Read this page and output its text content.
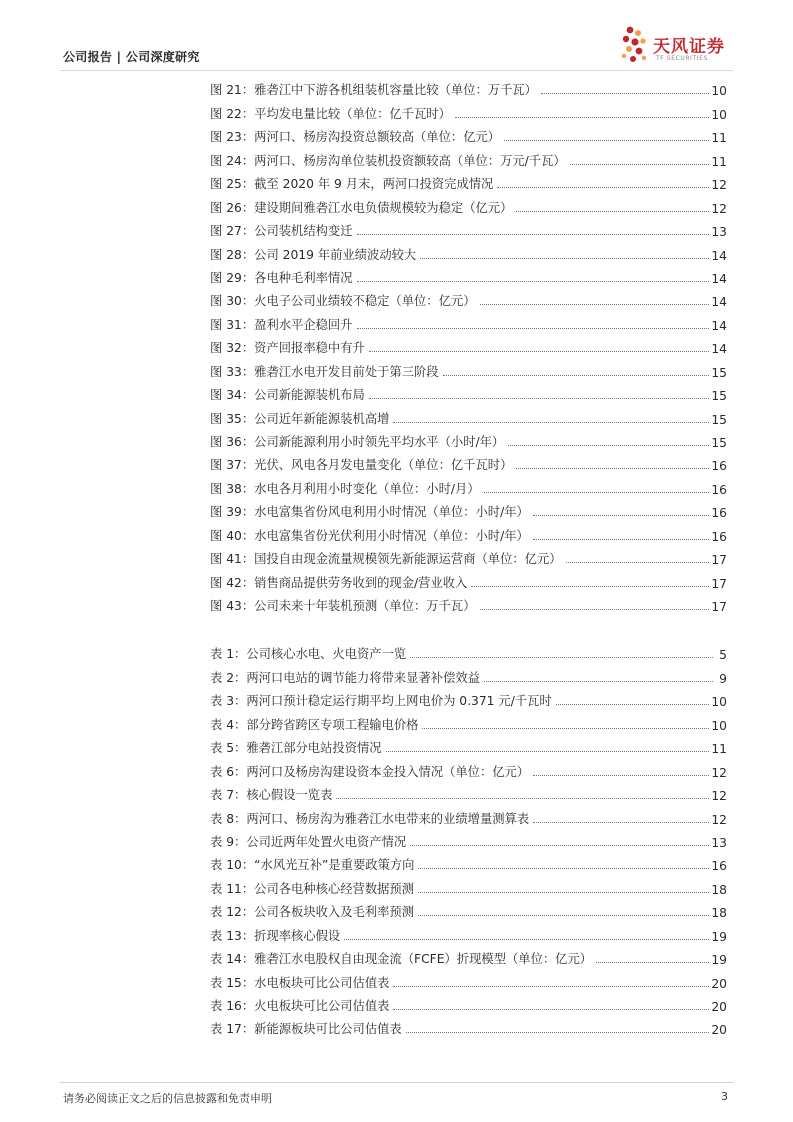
公司报告 | 公司深度研究	天风证券
TF SECURITIES
图 21：雅砻江中下游各机组装机容量比较（单位：万千瓦）	10
图 22：平均发电量比较（单位：亿千瓦时）	10
图 23：两河口、杨房沟投资总额较高（单位：亿元）	11
图 24：两河口、杨房沟单位装机投资额较高（单位：万元/千瓦）	11
图 25：截至 2020 年 9 月末，两河口投资完成情况	12
图 26：建设期间雅砻江水电负债规模较为稳定（亿元）	12
图 27：公司装机结构变迁	13
图 28：公司 2019 年前业绩波动较大	14
图 29：各电种毛利率情况	14
图 30：火电子公司业绩较不稳定（单位：亿元）	14
图 31：盈利水平企稳回升	14
图 32：资产回报率稳中有升	14
图 33：雅砻江水电开发目前处于第三阶段	15
图 34：公司新能源装机布局	15
图 35：公司近年新能源装机高增	15
图 36：公司新能源利用小时领先平均水平（小时/年）	15
图 37：光伏、风电各月发电量变化（单位：亿千瓦时）	16
图 38：水电各月利用小时变化（单位：小时/月）	16
图 39：水电富集省份风电利用小时情况（单位：小时/年）	16
图 40：水电富集省份光伏利用小时情况（单位：小时/年）	16
图 41：国投自由现金流量规模领先新能源运营商（单位：亿元）	17
图 42：销售商品提供劳务收到的现金/营业收入	17
图 43：公司未来十年装机预测（单位：万千瓦）	17
表 1：公司核心水电、火电资产一览	5
表 2：两河口电站的调节能力将带来显著补偿效益	9
表 3：两河口预计稳定运行期平均上网电价为 0.371 元/千瓦时	10
表 4：部分跨省跨区专项工程输电价格	10
表 5：雅砻江部分电站投资情况	11
表 6：两河口及杨房沟建设资本金投入情况（单位：亿元）	12
表 7：核心假设一览表	12
表 8：两河口、杨房沟为雅砻江水电带来的业绩增量测算表	12
表 9：公司近两年处置火电资产情况	13
表 10：“水风光互补”是重要政策方向	16
表 11：公司各电种核心经营数据预测	18
表 12：公司各板块收入及毛利率预测	18
表 13：折现率核心假设	19
表 14：雅砻江水电股权自由现金流（FCFE）折现模型（单位：亿元）	19
表 15：水电板块可比公司估值表	20
表 16：火电板块可比公司估值表	20
表 17：新能源板块可比公司估值表	20
请务必阅读正文之后的信息披露和免责申明	3
